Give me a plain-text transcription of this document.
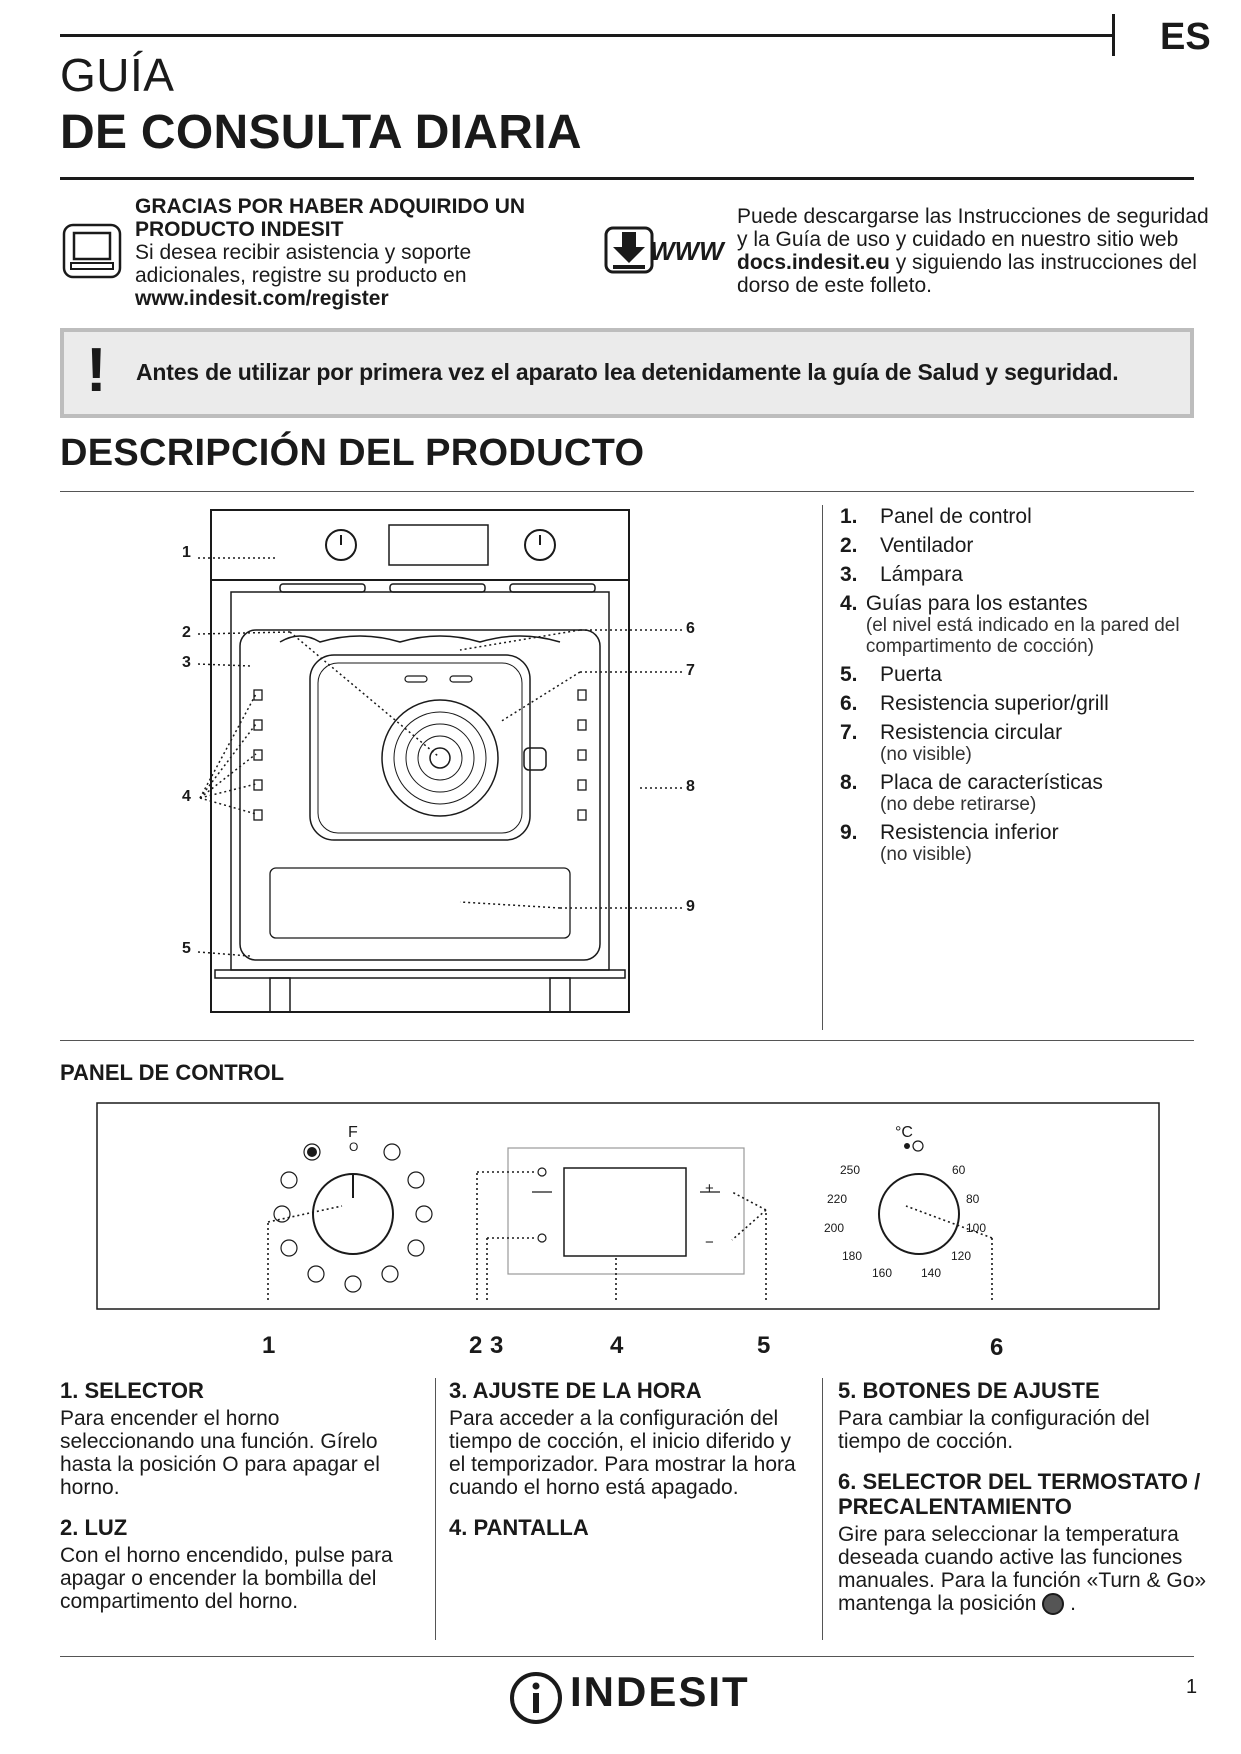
ES
GUÍA
DE CONSULTA DIARIA
GRACIAS POR HABER ADQUIRIDO UN PRODUCTO INDESIT
Si desea recibir asistencia y soporte adicionales, registre su producto en
www.indesit.com/register
WWW
Puede descargarse las Instrucciones de seguridad y la Guía de uso y cuidado en nuestro sitio web docs.indesit.eu y siguiendo las instrucciones del dorso de este folleto.
! Antes de utilizar por primera vez el aparato lea detenidamente la guía de Salud y seguridad.
DESCRIPCIÓN DEL PRODUCTO
1
2
3
4
5
6
7
8
9
1.	Panel de control
2.	Ventilador
3.	Lámpara
4. Guías para los estantes
(el nivel está indicado en la pared del compartimento de cocción)
5.	Puerta
6.	Resistencia superior/grill
7.	Resistencia circular
(no visible)
8.	Placa de características
(no debe retirarse)
9.	Resistencia inferior
(no visible)
PANEL DE CONTROL
F
O
°C
250
220
200
180
160 140
120
100
80
60
+
−
1	2 3	4	5	6
1. SELECTOR

Para encender el horno seleccionando una función. Gírelo hasta la posición O para apagar el horno.

2. LUZ

Con el horno encendido, pulse para apagar o encender la bombilla del compartimento del horno.

3. AJUSTE DE LA HORA

Para acceder a la configuración del tiempo de cocción, el inicio diferido y el temporizador. Para mostrar la hora cuando el horno está apagado.

4. PANTALLA
5. BOTONES DE AJUSTE

Para cambiar la configuración del tiempo de cocción.

6. SELECTOR DEL TERMOSTATO / PRECALENTAMIENTO

Gire para seleccionar la temperatura deseada cuando active las funciones manuales. Para la función «Turn & Go» mantenga la posición  .

INDESIT	1
